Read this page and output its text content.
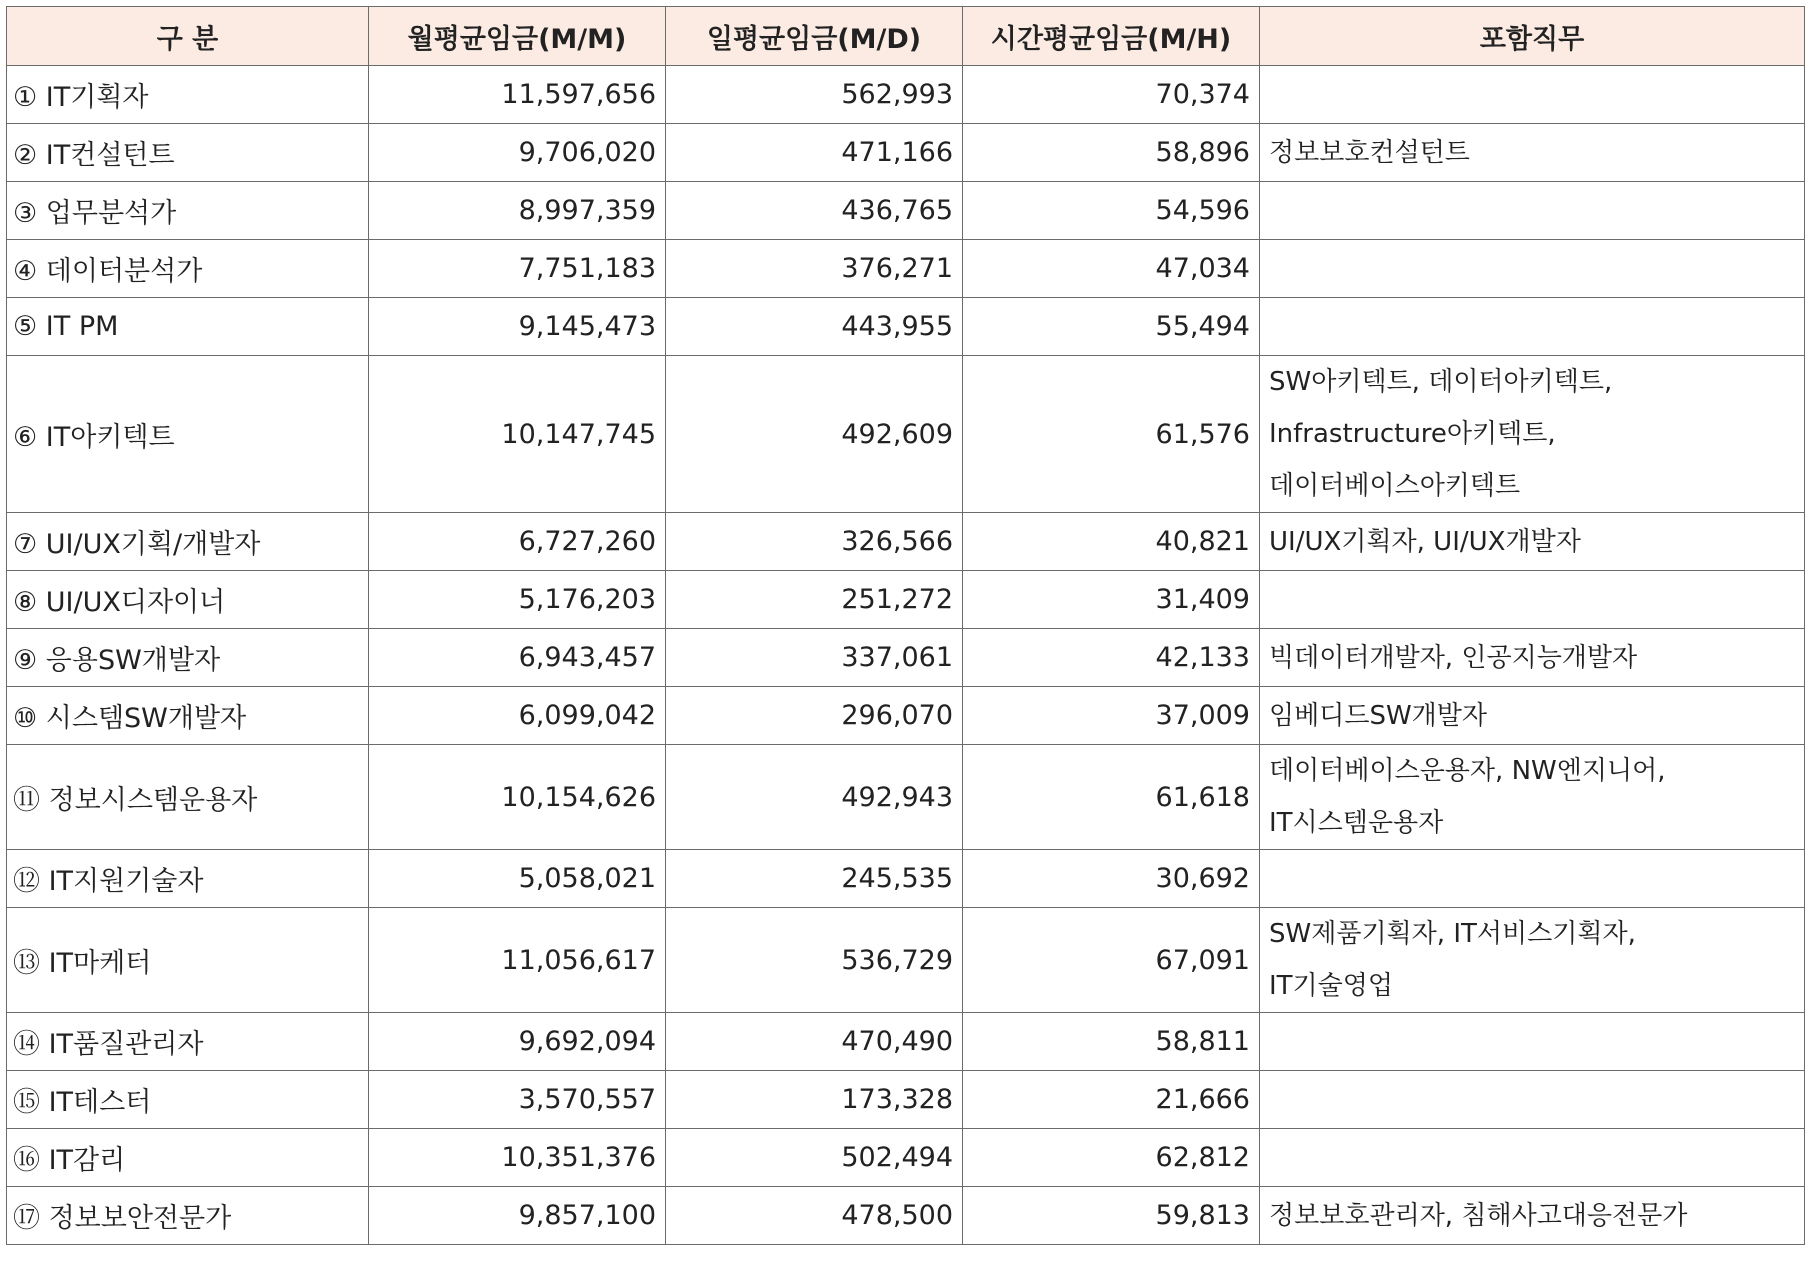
구 분	월평균임금(M/M)	일평균임금(M/D)	시간평균임금(M/H)	포함직무
① IT기획자	11,597,656	562,993	70,374	
② IT컨설턴트	9,706,020	471,166	58,896	정보보호컨설턴트

③ 업무분석가	8,997,359	436,765	54,596	
④ 데이터분석가	7,751,183	376,271	47,034	
⑤ IT PM	9,145,473	443,955	55,494	
⑥ IT아키텍트	10,147,745	492,609	61,576	SW아키텍트, 데이터아키텍트,
Infrastructure아키텍트,
데이터베이스아키텍트

⑦ UI/UX기획/개발자	6,727,260	326,566	40,821	UI/UX기획자, UI/UX개발자

⑧ UI/UX디자이너	5,176,203	251,272	31,409	
⑨ 응용SW개발자	6,943,457	337,061	42,133	빅데이터개발자, 인공지능개발자

⑩ 시스템SW개발자	6,099,042	296,070	37,009	임베디드SW개발자

⑪ 정보시스템운용자	10,154,626	492,943	61,618	데이터베이스운용자, NW엔지니어,
IT시스템운용자

⑫ IT지원기술자	5,058,021	245,535	30,692	
⑬ IT마케터	11,056,617	536,729	67,091	SW제품기획자, IT서비스기획자,
IT기술영업

⑭ IT품질관리자	9,692,094	470,490	58,811	
⑮ IT테스터	3,570,557	173,328	21,666	
⑯ IT감리	10,351,376	502,494	62,812	
⑰ 정보보안전문가	9,857,100	478,500	59,813	정보보호관리자, 침해사고대응전문가
